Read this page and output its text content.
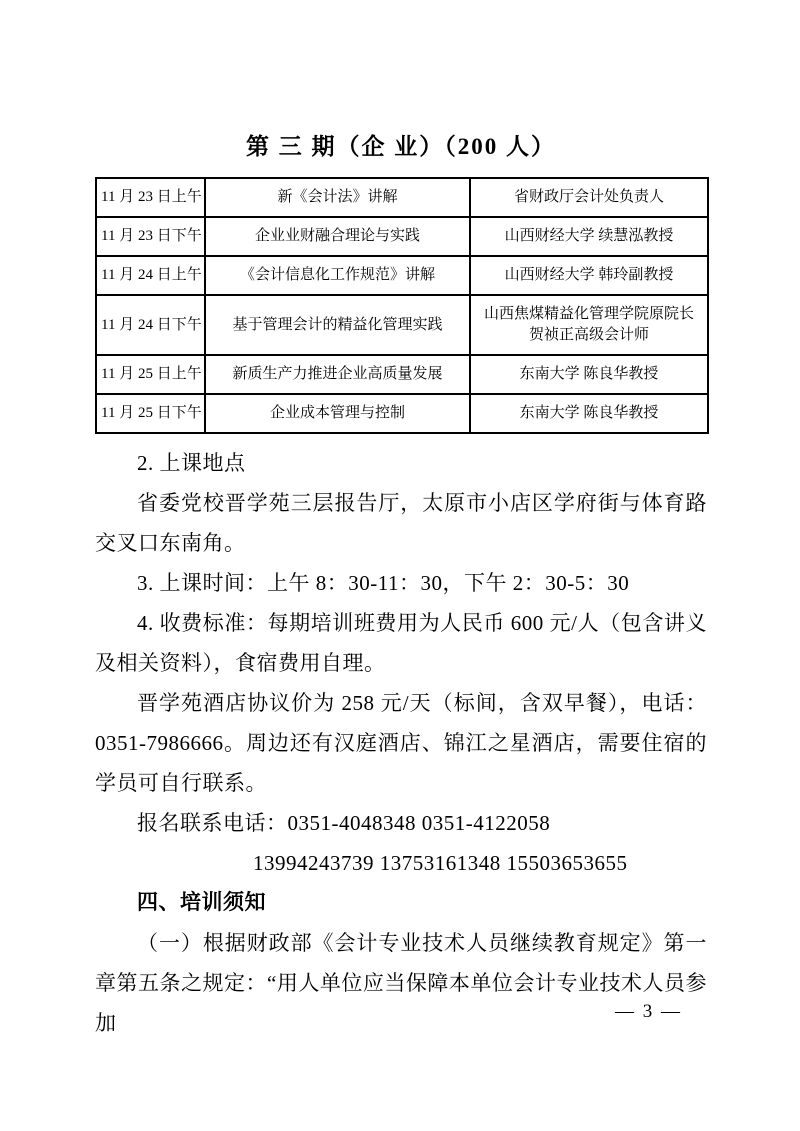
第 三 期（企 业）（200 人）
11 月 23 日上午	新《会计法》讲解	省财政厅会计处负责人
11 月 23 日下午	企业业财融合理论与实践	山西财经大学 续慧泓教授
11 月 24 日上午	《会计信息化工作规范》讲解	山西财经大学 韩玲副教授
11 月 24 日下午	基于管理会计的精益化管理实践	山西焦煤精益化管理学院原院长 贺祯正高级会计师
11 月 25 日上午	新质生产力推进企业高质量发展	东南大学 陈良华教授
11 月 25 日下午	企业成本管理与控制	东南大学 陈良华教授

2. 上课地点

省委党校晋学苑三层报告厅，太原市小店区学府街与体育路交叉口东南角。

3. 上课时间：上午 8：30-11：30，下午 2：30-5：30

4. 收费标准：每期培训班费用为人民币 600 元/人（包含讲义及相关资料），食宿费用自理。

晋学苑酒店协议价为 258 元/天（标间，含双早餐），电话：0351-7986666。周边还有汉庭酒店、锦江之星酒店，需要住宿的学员可自行联系。

报名联系电话：0351-4048348 0351-4122058

13994243739 13753161348 15503653655

四、培训须知

（一）根据财政部《会计专业技术人员继续教育规定》第一章第五条之规定：“用人单位应当保障本单位会计专业技术人员参加	— 3 —
